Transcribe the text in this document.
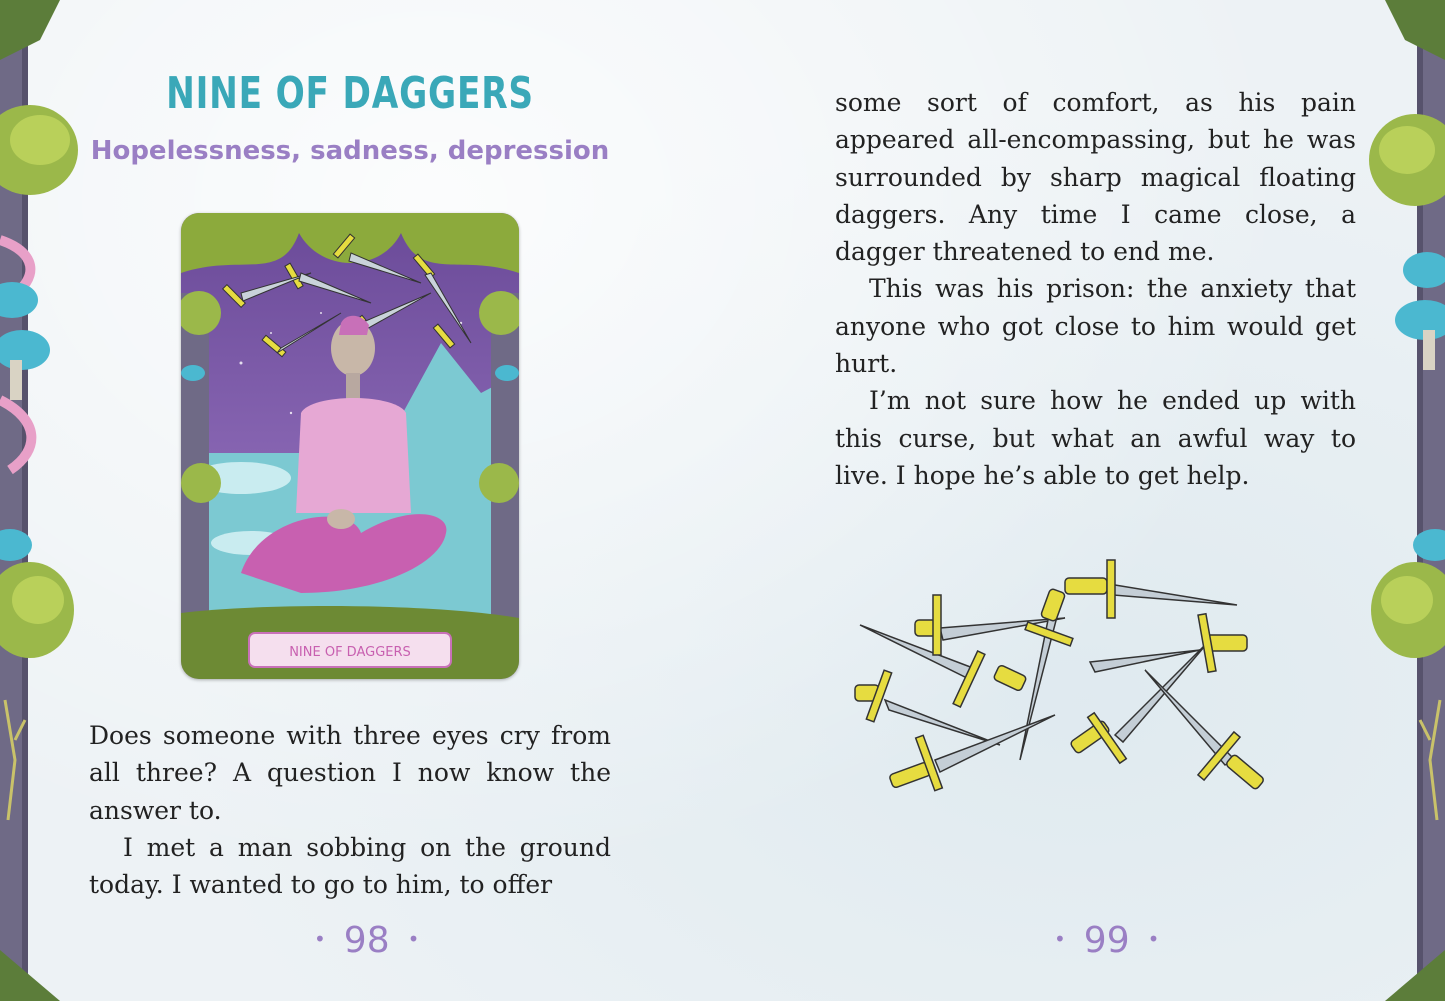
NINE OF DAGGERS
Hopelessness, sadness, depression
NINE OF DAGGERS

Does someone with three eyes cry from all three? A question I now know the answer to.

I met a man sobbing on the ground today. I wanted to go to him, to offer

• 98 •

some sort of comfort, as his pain appeared all-encompassing, but he was surrounded by sharp magical floating daggers. Any time I came close, a dagger threatened to end me.

This was his prison: the anxiety that anyone who got close to him would get hurt.

I’m not sure how he ended up with this curse, but what an awful way to live. I hope he’s able to get help.

• 99 •
